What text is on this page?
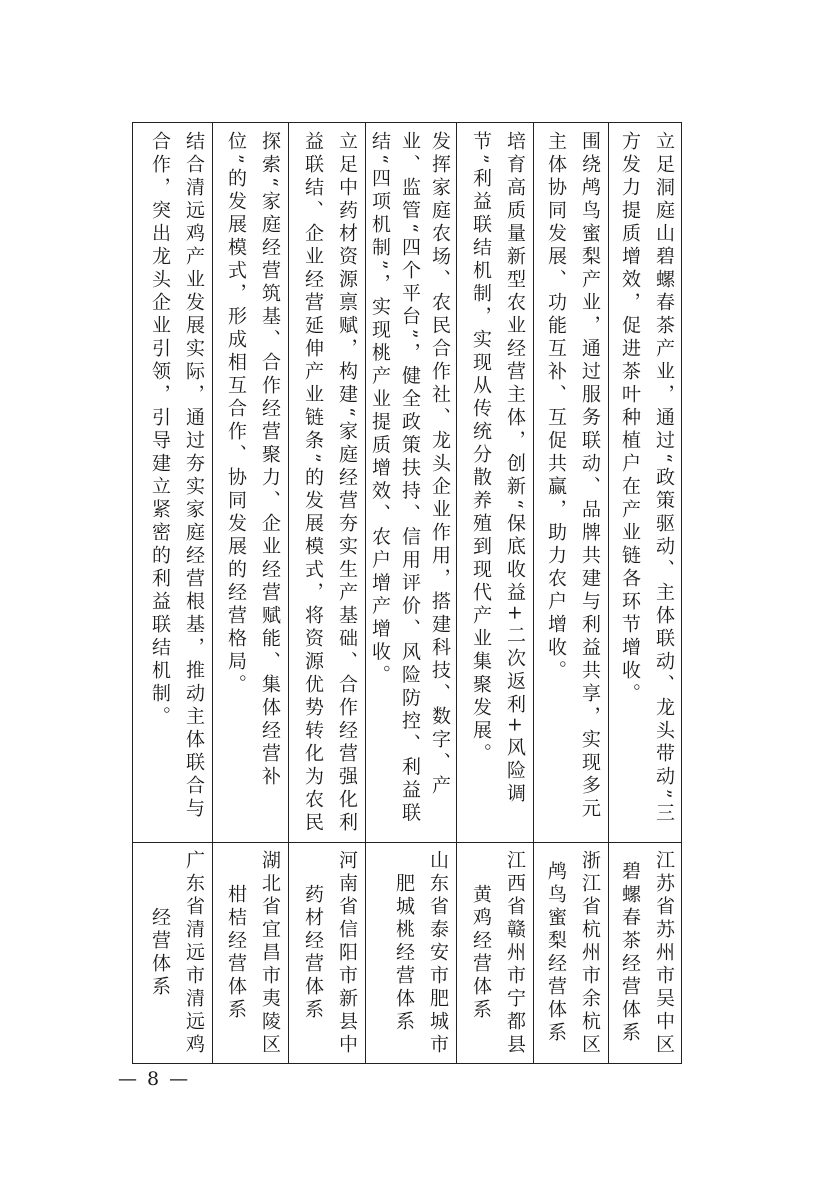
立足洞庭山碧螺春茶产业，通过“政策驱动、主体联动、龙头带动”三方发力提质增效，促进茶叶种植户在产业链各环节增收。
江苏省苏州市吴中区碧螺春茶经营体系
围绕鸬鸟蜜梨产业，通过服务联动、品牌共建与利益共享，实现多元主体协同发展、功能互补、互促共赢，助力农户增收。
浙江省杭州市余杭区鸬鸟蜜梨经营体系
培育高质量新型农业经营主体，创新“保底收益+二次返利+风险调节”利益联结机制，实现从传统分散养殖到现代产业集聚发展。
江西省赣州市宁都县黄鸡经营体系
发挥家庭农场、农民合作社、龙头企业作用，搭建科技、数字、产业、监管“四个平台”，健全政策扶持、信用评价、风险防控、利益联结“四项机制”，实现桃产业提质增效、农户增产增收。
山东省泰安市肥城市肥城桃经营体系
立足中药材资源禀赋，构建“家庭经营夯实生产基础、合作经营强化利益联结、企业经营延伸产业链条”的发展模式，将资源优势转化为农民
河南省信阳市新县中药材经营体系
探索“家庭经营筑基、合作经营聚力、企业经营赋能、集体经营补位”的发展模式，形成相互合作、协同发展的经营格局。
湖北省宜昌市夷陵区柑桔经营体系
结合清远鸡产业发展实际，通过夯实家庭经营根基，推动主体联合与合作，突出龙头企业引领，引导建立紧密的利益联结机制。
广东省清远市清远鸡经营体系
— 8 —
